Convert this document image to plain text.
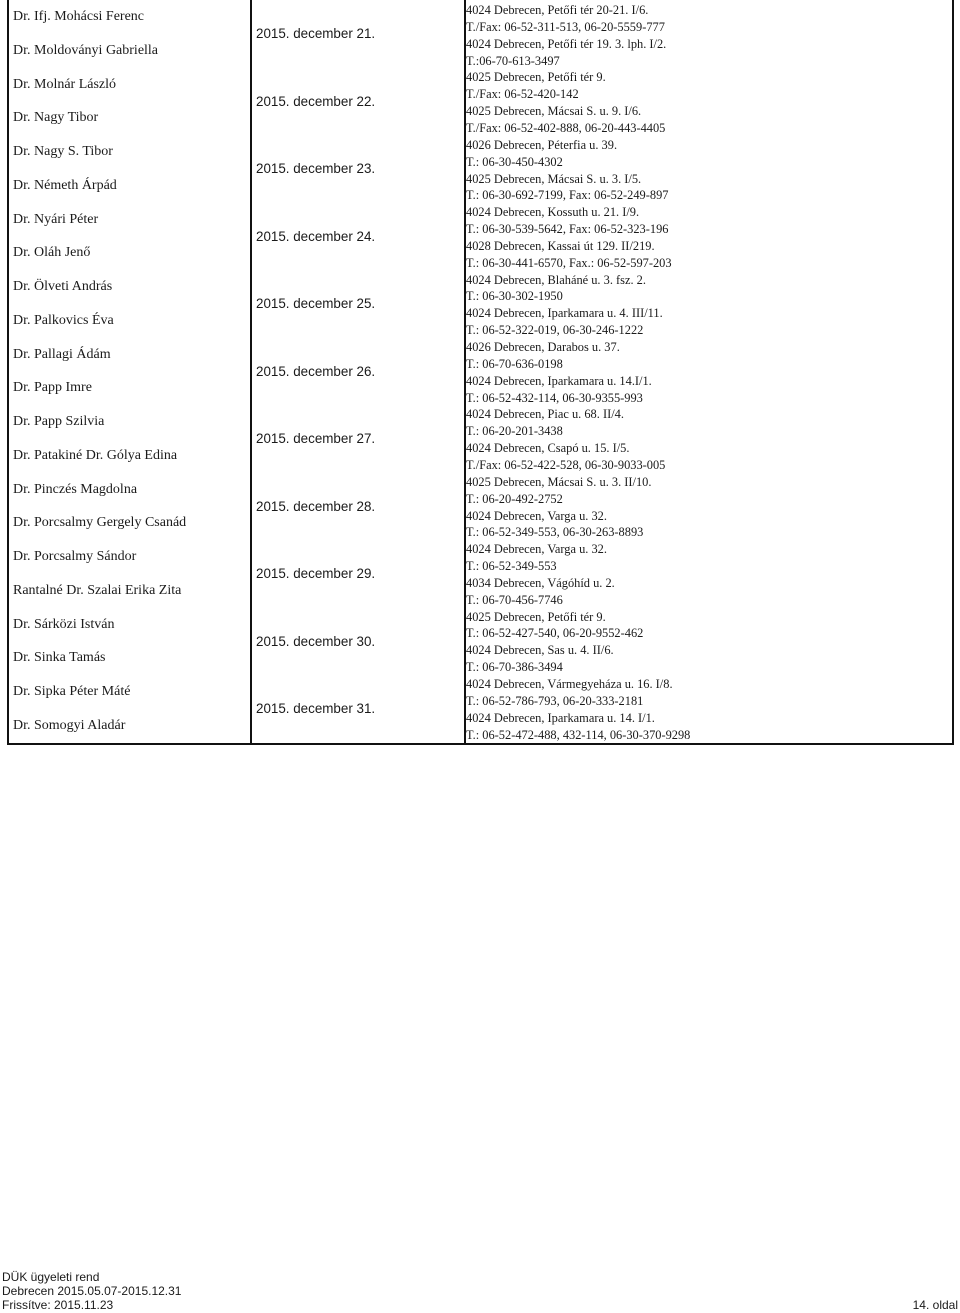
Dr. Ifj. Mohácsi Ferenc
Dr. Moldoványi Gabriella
Dr. Molnár László
Dr. Nagy Tibor
Dr. Nagy S. Tibor
Dr. Németh Árpád
Dr. Nyári Péter
Dr. Oláh Jenő
Dr. Ölveti András
Dr. Palkovics Éva
Dr. Pallagi Ádám
Dr. Papp Imre
Dr. Papp Szilvia
Dr. Patakiné Dr. Gólya Edina
Dr. Pinczés Magdolna
Dr. Porcsalmy Gergely Csanád
Dr. Porcsalmy Sándor
Rantalné Dr. Szalai Erika Zita
Dr. Sárközi István
Dr. Sinka Tamás
Dr. Sipka Péter Máté
Dr. Somogyi Aladár
2015. december 21.
2015. december 22.
2015. december 23.
2015. december 24.
2015. december 25.
2015. december 26.
2015. december 27.
2015. december 28.
2015. december 29.
2015. december 30.
2015. december 31.
4024 Debrecen, Petőfi tér 20-21. I/6.
T./Fax: 06-52-311-513, 06-20-5559-777
4024 Debrecen, Petőfi tér 19. 3. lph. I/2.
T.:06-70-613-3497
4025 Debrecen, Petőfi tér 9.
T./Fax: 06-52-420-142
4025 Debrecen, Mácsai S. u. 9. I/6.
T./Fax: 06-52-402-888, 06-20-443-4405
4026 Debrecen, Péterfia u. 39.
T.: 06-30-450-4302
4025 Debrecen, Mácsai S. u. 3. I/5.
T.: 06-30-692-7199, Fax: 06-52-249-897
4024 Debrecen, Kossuth u. 21. I/9.
T.: 06-30-539-5642, Fax: 06-52-323-196
4028 Debrecen, Kassai út 129. II/219.
T.: 06-30-441-6570, Fax.: 06-52-597-203
4024 Debrecen, Blaháné u. 3. fsz. 2.
T.: 06-30-302-1950
4024 Debrecen, Iparkamara u. 4. III/11.
T.: 06-52-322-019, 06-30-246-1222
4026 Debrecen, Darabos u. 37.
T.: 06-70-636-0198
4024 Debrecen, Iparkamara u. 14.I/1.
T.: 06-52-432-114, 06-30-9355-993
4024 Debrecen, Piac u. 68. II/4.
T.: 06-20-201-3438
4024 Debrecen, Csapó u. 15. I/5.
T./Fax: 06-52-422-528, 06-30-9033-005
4025 Debrecen, Mácsai S. u. 3. II/10.
T.: 06-20-492-2752
4024 Debrecen, Varga u. 32.
T.: 06-52-349-553, 06-30-263-8893
4024 Debrecen, Varga u. 32.
T.: 06-52-349-553
4034 Debrecen, Vágóhíd u. 2.
T.: 06-70-456-7746
4025 Debrecen, Petőfi tér 9.
T.: 06-52-427-540, 06-20-9552-462
4024 Debrecen, Sas u. 4. II/6.
T.: 06-70-386-3494
4024 Debrecen, Vármegyeháza u. 16. I/8.
T.: 06-52-786-793, 06-20-333-2181
4024 Debrecen, Iparkamara u. 14. I/1.
T.: 06-52-472-488, 432-114, 06-30-370-9298
DÜK ügyeleti rend
Debrecen 2015.05.07-2015.12.31
Frissítve: 2015.11.23	14. oldal
